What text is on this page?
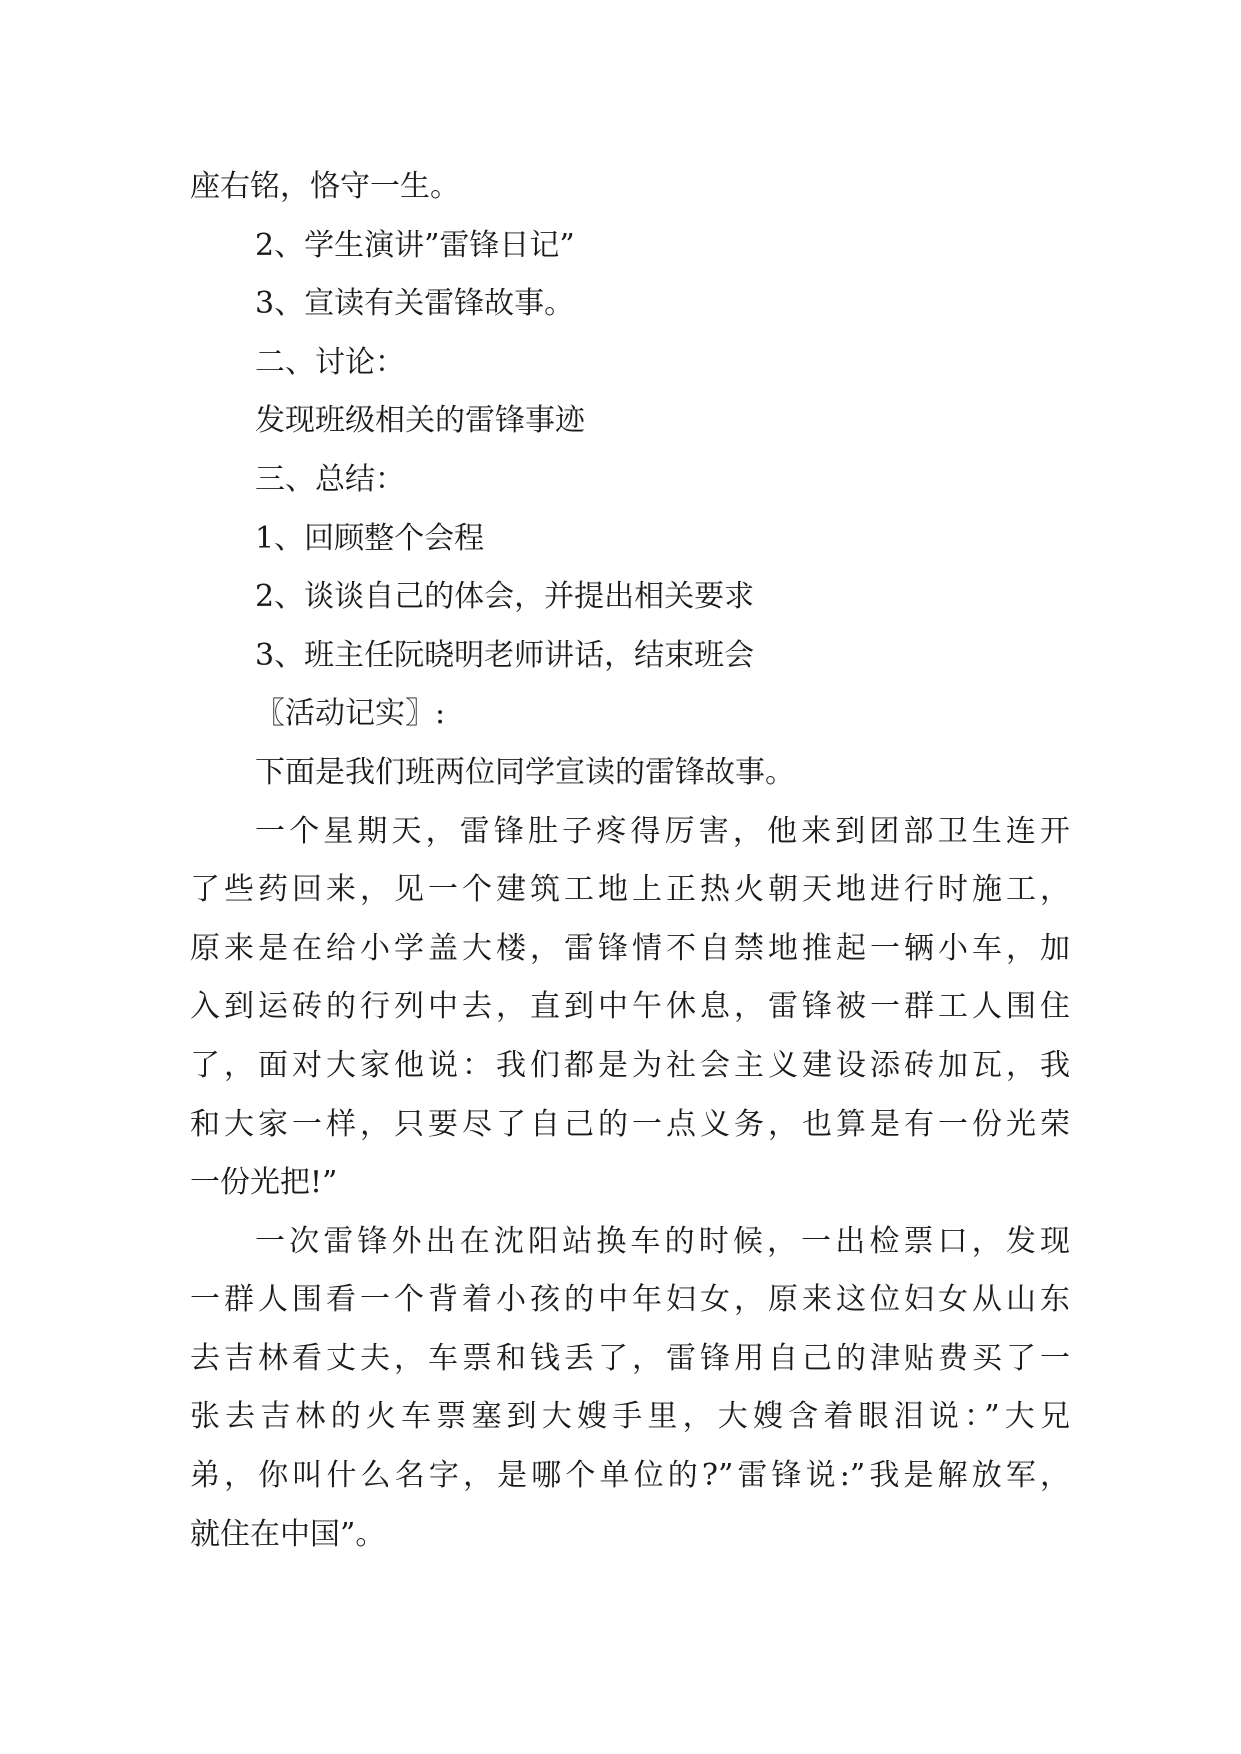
座右铭，恪守一生。
2、学生演讲”雷锋日记”
3、宣读有关雷锋故事。
二、讨论：
发现班级相关的雷锋事迹
三、总结：
1、回顾整个会程
2、谈谈自己的体会，并提出相关要求
3、班主任阮晓明老师讲话，结束班会
〖活动记实〗:
下面是我们班两位同学宣读的雷锋故事。
一个星期天，雷锋肚子疼得厉害，他来到团部卫生连开
了些药回来，见一个建筑工地上正热火朝天地进行时施工，
原来是在给小学盖大楼，雷锋情不自禁地推起一辆小车，加
入到运砖的行列中去，直到中午休息，雷锋被一群工人围住
了，面对大家他说：我们都是为社会主义建设添砖加瓦，我
和大家一样，只要尽了自己的一点义务，也算是有一份光荣
一份光把!”
一次雷锋外出在沈阳站换车的时候，一出检票口，发现
一群人围看一个背着小孩的中年妇女，原来这位妇女从山东
去吉林看丈夫，车票和钱丢了，雷锋用自己的津贴费买了一
张去吉林的火车票塞到大嫂手里，大嫂含着眼泪说：”大兄
弟，你叫什么名字，是哪个单位的?”雷锋说:”我是解放军，
就住在中国”。
